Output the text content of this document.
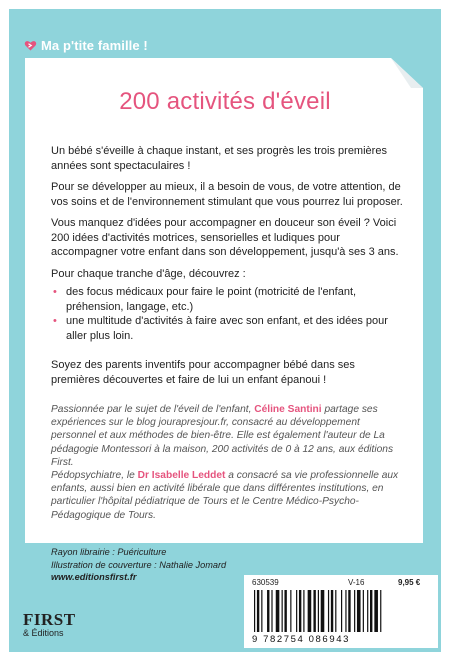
Ma p'tite famille !
200 activités d'éveil

Un bébé s'éveille à chaque instant, et ses progrès les trois premières années sont spectaculaires !

Pour se développer au mieux, il a besoin de vous, de votre attention, de vos soins et de l'environnement stimulant que vous pourrez lui proposer.

Vous manquez d'idées pour accompagner en douceur son éveil ? Voici 200 idées d'activités motrices, sensorielles et ludiques pour accompagner votre enfant dans son développement, jusqu'à ses 3 ans.

Pour chaque tranche d'âge, découvrez :

• des focus médicaux pour faire le point (motricité de l'enfant, préhension, langage, etc.)
• une multitude d'activités à faire avec son enfant, et des idées pour aller plus loin.

Soyez des parents inventifs pour accompagner bébé dans ses premières découvertes et faire de lui un enfant épanoui !

Passionnée par le sujet de l'éveil de l'enfant, Céline Santini partage ses expériences sur le blog jourapresjour.fr, consacré au développement personnel et aux méthodes de bien-être. Elle est également l'auteur de La pédagogie Montessori à la maison, 200 activités de 0 à 12 ans, aux éditions First.

Pédopsychiatre, le Dr Isabelle Leddet a consacré sa vie professionnelle aux enfants, aussi bien en activité libérale que dans différentes institutions, en particulier l'hôpital pédiatrique de Tours et le Centre Médico-Psycho-Pédagogique de Tours.

Rayon librairie : Puériculture
Illustration de couverture : Nathalie Jomard
www.editionsfirst.fr
FIRST
& Éditions
630539	V-16	9,95 €
9 782754 086943
